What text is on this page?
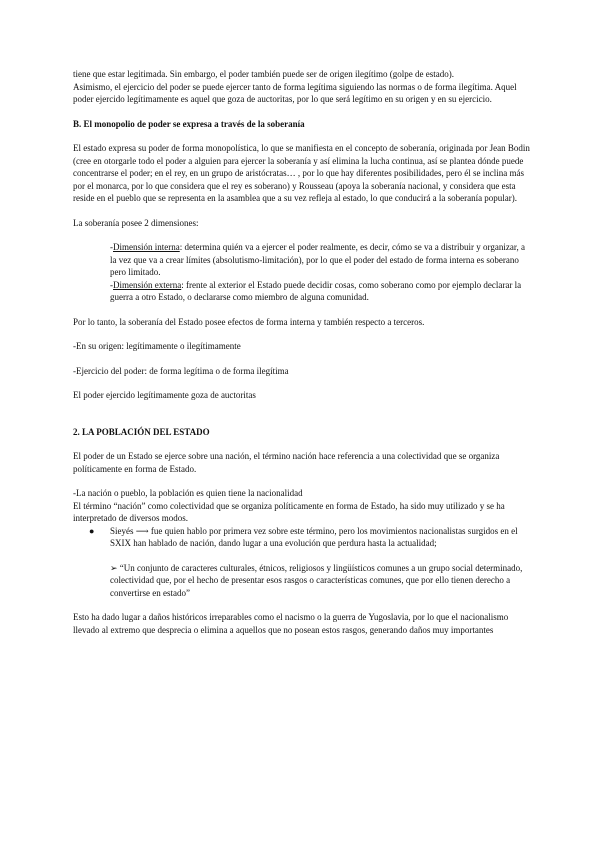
tiene que estar legitimada. Sin embargo, el poder también puede ser de origen ilegítimo (golpe de estado).

Asimismo, el ejercicio del poder se puede ejercer tanto de forma legítima siguiendo las normas o de forma ilegítima. Aquel poder ejercido legítimamente es aquel que goza de auctoritas, por lo que será legítimo en su origen y en su ejercicio.

B. El monopolio de poder se expresa a través de la soberanía

El estado expresa su poder de forma monopolística, lo que se manifiesta en el concepto de soberanía, originada por Jean Bodin (cree en otorgarle todo el poder a alguien para ejercer la soberanía y así elimina la lucha continua, así se plantea dónde puede concentrarse el poder; en el rey, en un grupo de aristócratas… , por lo que hay diferentes posibilidades, pero él se inclina más por el monarca, por lo que considera que el rey es soberano) y Rousseau (apoya la soberanía nacional, y considera que esta reside en el pueblo que se representa en la asamblea que a su vez refleja al estado, lo que conducirá a la soberanía popular).

La soberanía posee 2 dimensiones:

-Dimensión interna: determina quién va a ejercer el poder realmente, es decir, cómo se va a distribuir y organizar, a la vez que va a crear límites (absolutismo-limitación), por lo que el poder del estado de forma interna es soberano pero limitado.

-Dimensión externa: frente al exterior el Estado puede decidir cosas, como soberano como por ejemplo declarar la guerra a otro Estado, o declararse como miembro de alguna comunidad.

Por lo tanto, la soberanía del Estado posee efectos de forma interna y también respecto a terceros.

-En su origen: legítimamente o ilegítimamente

-Ejercicio del poder: de forma legítima o de forma ilegítima

El poder ejercido legítimamente goza de auctoritas

2. LA POBLACIÓN DEL ESTADO

El poder de un Estado se ejerce sobre una nación, el término nación hace referencia a una colectividad que se organiza políticamente en forma de Estado.

-La nación o pueblo, la población es quien tiene la nacionalidad

El término “nación” como colectividad que se organiza políticamente en forma de Estado, ha sido muy utilizado y se ha interpretado de diversos modos.

● Sieyés ⟶ fue quien hablo por primera vez sobre este término, pero los movimientos nacionalistas surgidos en el SXIX han hablado de nación, dando lugar a una evolución que perdura hasta la actualidad;

➢ “Un conjunto de caracteres culturales, étnicos, religiosos y lingüísticos comunes a un grupo social determinado, colectividad que, por el hecho de presentar esos rasgos o características comunes, que por ello tienen derecho a convertirse en estado”

Esto ha dado lugar a daños históricos irreparables como el nacismo o la guerra de Yugoslavia, por lo que el nacionalismo llevado al extremo que desprecia o elimina a aquellos que no posean estos rasgos, generando daños muy importantes
